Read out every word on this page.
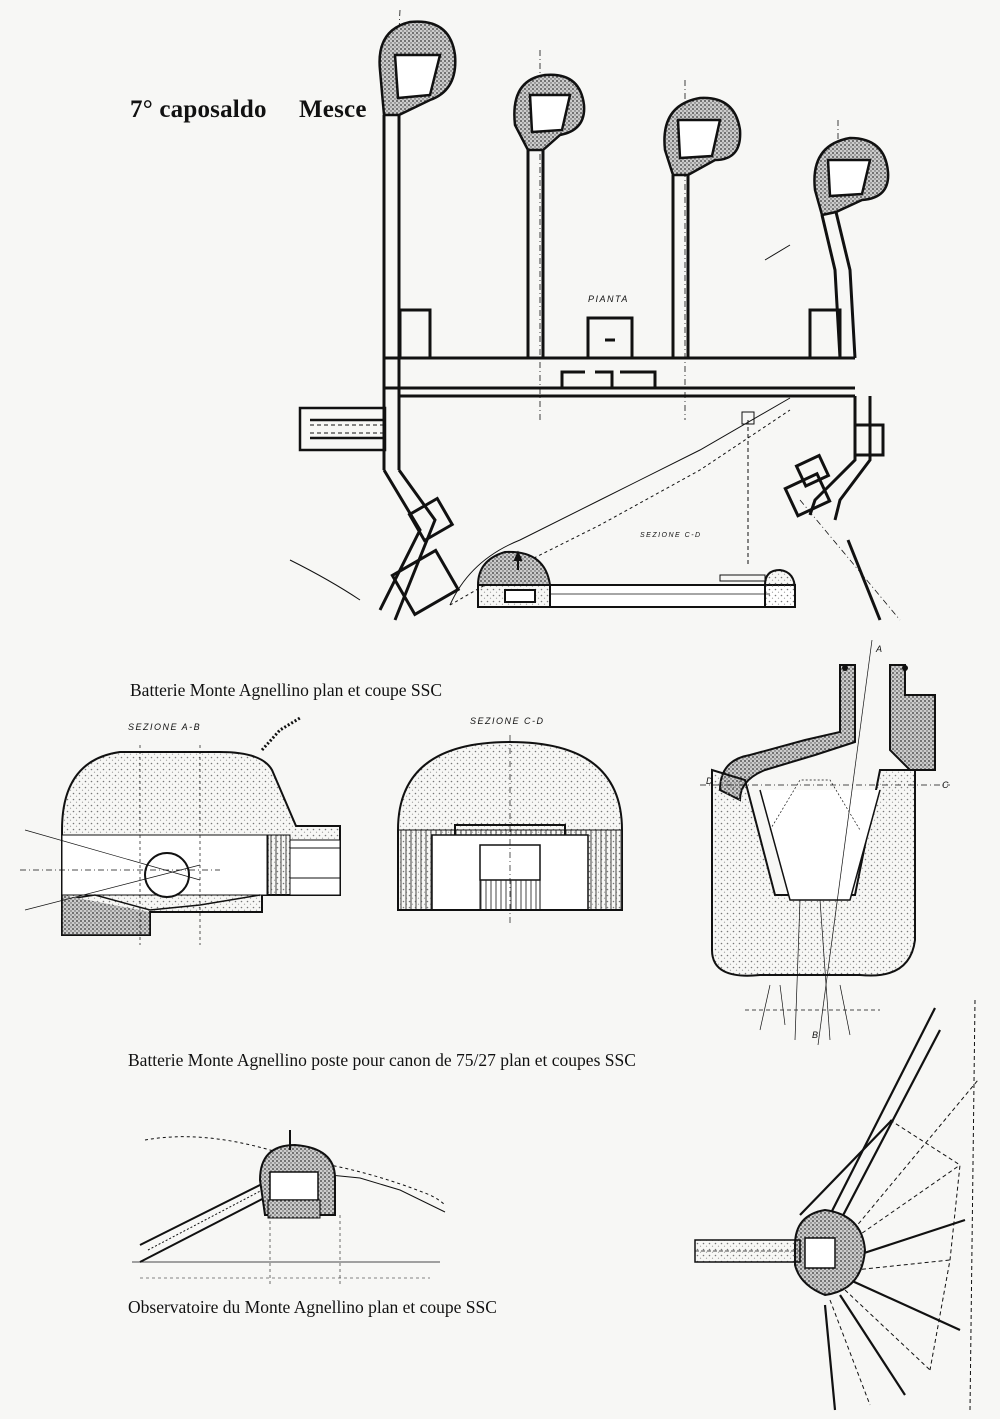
7° caposaldo Mesce
PIANTA
SEZIONE C-D
SEZIONE A-B
SEZIONE C-D
A
B
C
D
Batterie Monte Agnellino plan et coupe SSC
Batterie Monte Agnellino poste pour canon de 75/27 plan et coupes SSC
Observatoire du Monte Agnellino plan et coupe SSC
